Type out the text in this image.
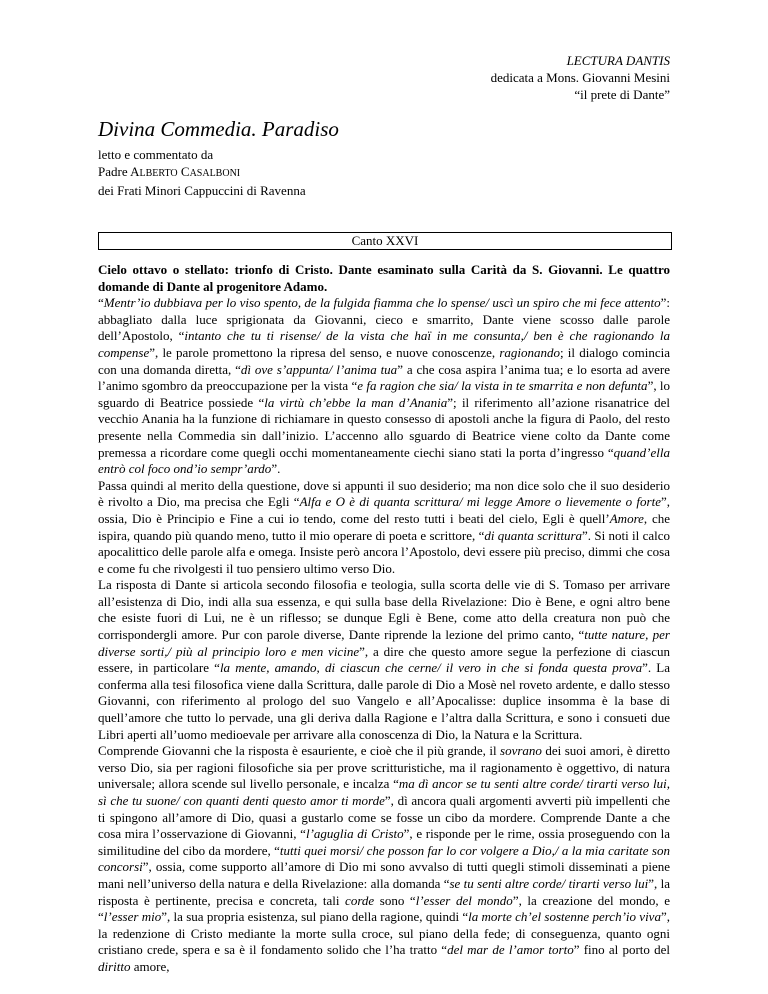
LECTURA DANTIS
dedicata a Mons. Giovanni Mesini
“il prete di Dante”
Divina Commedia. Paradiso
letto e commentato da
Padre ALBERTO CASALBONI
dei Frati Minori Cappuccini di Ravenna
Canto XXVI

Cielo ottavo o stellato: trionfo di Cristo. Dante esaminato sulla Carità da S. Giovanni. Le quattro domande di Dante al progenitore Adamo.

“Mentr’io dubbiava per lo viso spento, de la fulgida fiamma che lo spense/ uscì un spiro che mi fece attento”: abbagliato dalla luce sprigionata da Giovanni, cieco e smarrito, Dante viene scosso dalle parole dell’Apostolo, “intanto che tu ti risense/ de la vista che haï in me consunta,/ ben è che ragionando la compense”, le parole promettono la ripresa del senso, e nuove conoscenze, ragionando; il dialogo comincia con una domanda diretta, “dì ove s’appunta/ l’anima tua” a che cosa aspira l’anima tua; e lo esorta ad avere l’animo sgombro da preoccupazione per la vista “e fa ragion che sia/ la vista in te smarrita e non defunta”, lo sguardo di Beatrice possiede “la virtù ch’ebbe la man d’Anania”; il riferimento all’azione risanatrice del vecchio Anania ha la funzione di richiamare in questo consesso di apostoli anche la figura di Paolo, del resto presente nella Commedia sin dall’inizio. L’accenno allo sguardo di Beatrice viene colto da Dante come premessa a ricordare come quegli occhi momentaneamente ciechi siano stati la porta d’ingresso “quand’ella entrò col foco ond’io sempr’ardo”.

Passa quindi al merito della questione, dove si appunti il suo desiderio; ma non dice solo che il suo desiderio è rivolto a Dio, ma precisa che Egli “Alfa e O è di quanta scrittura/ mi legge Amore o lievemente o forte”, ossia, Dio è Principio e Fine a cui io tendo, come del resto tutti i beati del cielo, Egli è quell’Amore, che ispira, quando più quando meno, tutto il mio operare di poeta e scrittore, “di quanta scrittura”. Si noti il calco apocalittico delle parole alfa e omega. Insiste però ancora l’Apostolo, devi essere più preciso, dimmi che cosa e come fu che rivolgesti il tuo pensiero ultimo verso Dio.

La risposta di Dante si articola secondo filosofia e teologia, sulla scorta delle vie di S. Tomaso per arrivare all’esistenza di Dio, indi alla sua essenza, e qui sulla base della Rivelazione: Dio è Bene, e ogni altro bene che esiste fuori di Lui, ne è un riflesso; se dunque Egli è Bene, come atto della creatura non può che corrispondergli amore. Pur con parole diverse, Dante riprende la lezione del primo canto, “tutte nature, per diverse sorti,/ più al principio loro e men vicine”, a dire che questo amore segue la perfezione di ciascun essere, in particolare “la mente, amando, di ciascun che cerne/ il vero in che si fonda questa prova”. La conferma alla tesi filosofica viene dalla Scrittura, dalle parole di Dio a Mosè nel roveto ardente, e dallo stesso Giovanni, con riferimento al prologo del suo Vangelo e all’Apocalisse: duplice insomma è la base di quell’amore che tutto lo pervade, una gli deriva dalla Ragione e l’altra dalla Scrittura, e sono i consueti due Libri aperti all’uomo medioevale per arrivare alla conoscenza di Dio, la Natura e la Scrittura.

Comprende Giovanni che la risposta è esauriente, e cioè che il più grande, il sovrano dei suoi amori, è diretto verso Dio, sia per ragioni filosofiche sia per prove scritturistiche, ma il ragionamento è oggettivo, di natura universale; allora scende sul livello personale, e incalza “ma dì ancor se tu senti altre corde/ tirarti verso lui, sì che tu suone/ con quanti denti questo amor ti morde”, dì ancora quali argomenti avverti più impellenti che ti spingono all’amore di Dio, quasi a gustarlo come se fosse un cibo da mordere. Comprende Dante a che cosa mira l’osservazione di Giovanni, “l’aguglia di Cristo”, e risponde per le rime, ossia proseguendo con la similitudine del cibo da mordere, “tutti quei morsi/ che posson far lo cor volgere a Dio,/ a la mia caritate son concorsi”, ossia, come supporto all’amore di Dio mi sono avvalso di tutti quegli stimoli disseminati a piene mani nell’universo della natura e della Rivelazione: alla domanda “se tu senti altre corde/ tirarti verso lui”, la risposta è pertinente, precisa e concreta, tali corde sono “l’esser del mondo”, la creazione del mondo, e “l’esser mio”, la sua propria esistenza, sul piano della ragione, quindi “la morte ch’el sostenne perch’io viva”, la redenzione di Cristo mediante la morte sulla croce, sul piano della fede; di conseguenza, quanto ogni cristiano crede, spera e sa è il fondamento solido che l’ha tratto “del mar de l’amor torto” fino al porto del diritto amore,
